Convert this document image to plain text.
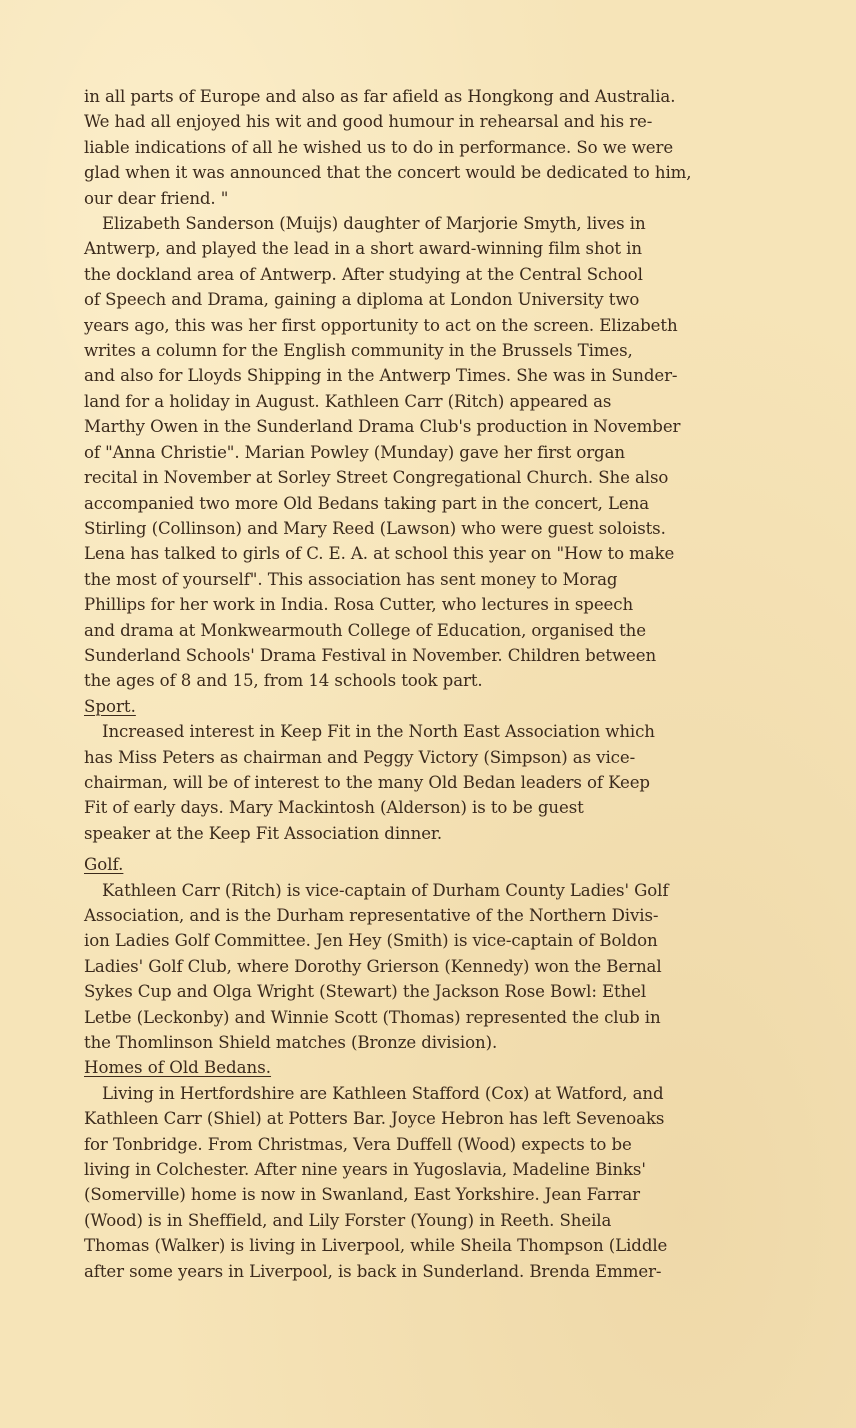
in all parts of Europe and also as far afield as Hongkong and Australia.
We had all enjoyed his wit and good humour in rehearsal and his re-
liable indications of all he wished us to do in performance. So we were
glad when it was announced that the concert would be dedicated to him,
our dear friend. "
Elizabeth Sanderson (Muijs) daughter of Marjorie Smyth, lives in
Antwerp, and played the lead in a short award-winning film shot in
the dockland area of Antwerp. After studying at the Central School
of Speech and Drama, gaining a diploma at London University two
years ago, this was her first opportunity to act on the screen. Elizabeth
writes a column for the English community in the Brussels Times,
and also for Lloyds Shipping in the Antwerp Times. She was in Sunder-
land for a holiday in August. Kathleen Carr (Ritch) appeared as
Marthy Owen in the Sunderland Drama Club's production in November
of "Anna Christie". Marian Powley (Munday) gave her first organ
recital in November at Sorley Street Congregational Church. She also
accompanied two more Old Bedans taking part in the concert, Lena
Stirling (Collinson) and Mary Reed (Lawson) who were guest soloists.
Lena has talked to girls of C. E. A. at school this year on "How to make
the most of yourself". This association has sent money to Morag
Phillips for her work in India. Rosa Cutter, who lectures in speech
and drama at Monkwearmouth College of Education, organised the
Sunderland Schools' Drama Festival in November. Children between
the ages of 8 and 15, from 14 schools took part.
Sport.
Increased interest in Keep Fit in the North East Association which
has Miss Peters as chairman and Peggy Victory (Simpson) as vice-
chairman, will be of interest to the many Old Bedan leaders of Keep
Fit of early days. Mary Mackintosh (Alderson) is to be guest
speaker at the Keep Fit Association dinner.
Golf.
Kathleen Carr (Ritch) is vice-captain of Durham County Ladies' Golf
Association, and is the Durham representative of the Northern Divis-
ion Ladies Golf Committee. Jen Hey (Smith) is vice-captain of Boldon
Ladies' Golf Club, where Dorothy Grierson (Kennedy) won the Bernal
Sykes Cup and Olga Wright (Stewart) the Jackson Rose Bowl: Ethel
Letbe (Leckonby) and Winnie Scott (Thomas) represented the club in
the Thomlinson Shield matches (Bronze division).
Homes of Old Bedans.
Living in Hertfordshire are Kathleen Stafford (Cox) at Watford, and
Kathleen Carr (Shiel) at Potters Bar. Joyce Hebron has left Sevenoaks
for Tonbridge. From Christmas, Vera Duffell (Wood) expects to be
living in Colchester. After nine years in Yugoslavia, Madeline Binks'
(Somerville) home is now in Swanland, East Yorkshire. Jean Farrar
(Wood) is in Sheffield, and Lily Forster (Young) in Reeth. Sheila
Thomas (Walker) is living in Liverpool, while Sheila Thompson (Liddle
after some years in Liverpool, is back in Sunderland. Brenda Emmer-
